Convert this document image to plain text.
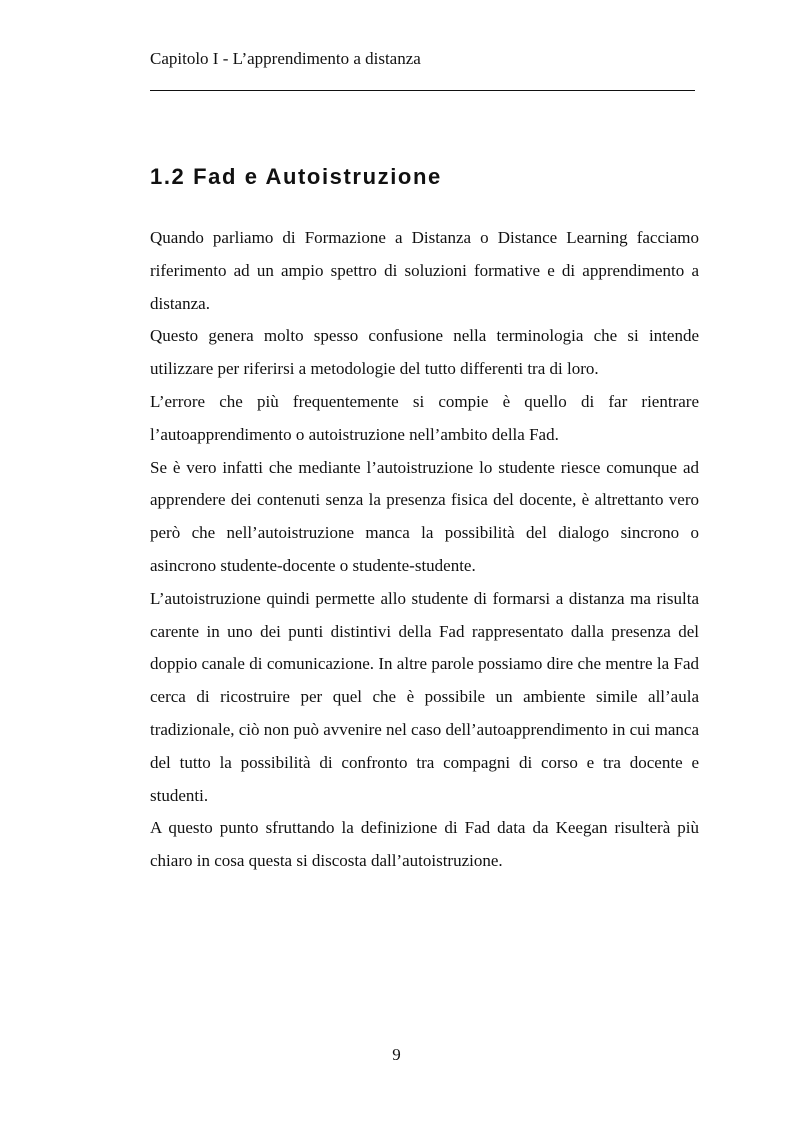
Capitolo I - L’apprendimento a distanza
1.2 Fad e Autoistruzione

Quando parliamo di Formazione a Distanza o Distance Learning facciamo riferimento ad un ampio spettro di soluzioni formative e di apprendimento a distanza.

Questo genera molto spesso confusione nella terminologia che si intende utilizzare per riferirsi a metodologie del tutto differenti tra di loro.

L’errore che più frequentemente si compie è quello di far rientrare l’autoapprendimento o autoistruzione nell’ambito della Fad.

Se è vero infatti che mediante l’autoistruzione lo studente riesce comunque ad apprendere dei contenuti senza la presenza fisica del docente, è altrettanto vero però che nell’autoistruzione manca la possibilità del dialogo sincrono o asincrono studente-docente o studente-studente.

L’autoistruzione quindi permette allo studente di formarsi a distanza ma risulta carente in uno dei punti distintivi della Fad rappresentato dalla presenza del doppio canale di comunicazione. In altre parole possiamo dire che mentre la Fad cerca di ricostruire per quel che è possibile un ambiente simile all’aula tradizionale, ciò non può avvenire nel caso dell’autoapprendimento in cui manca del tutto la possibilità di confronto tra compagni di corso e tra docente e studenti.

A questo punto sfruttando la definizione di Fad data da Keegan risulterà più chiaro in cosa questa si discosta dall’autoistruzione.

9
